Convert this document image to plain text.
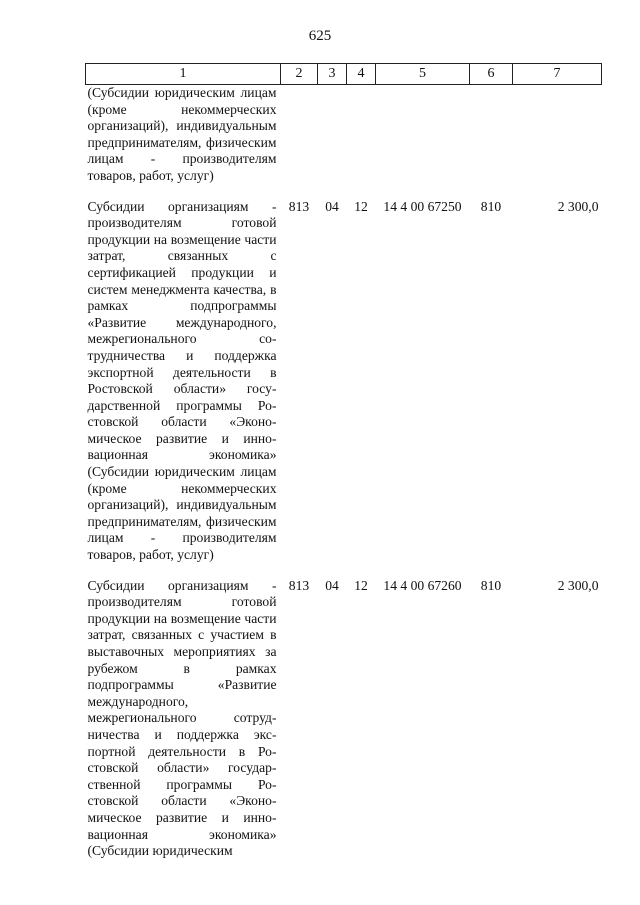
625
1	2	3	4	5	6	7
(Субсидии юридическим лицам (кроме некоммерческих организаций), индивидуальным предпринимателям, физическим лицам - производителям товаров, работ, услуг)						
Субсидии организациям - производителям готовой продукции на возмещение части затрат, связанных с сертификацией продукции и систем менеджмента качества, в рамках подпрограммы «Развитие международного, межрегионального сотрудничества и поддержка экспортной деятельности в Ростовской области» государственной программы Ростовской области «Экономическое развитие и инновационная экономика» (Субсидии юридическим лицам (кроме некоммерческих организаций), индивидуальным предпринимателям, физическим лицам - производителям товаров, работ, услуг)	813	04	12	14 4 00 67250	810	2 300,0
Субсидии организациям - производителям готовой продукции на возмещение части затрат, связанных с участием в выставочных мероприятиях за рубежом в рамках подпрограммы «Развитие международного, межрегионального сотрудничества и поддержка экспортной деятельности в Ростовской области» государственной программы Ростовской области «Экономическое развитие и инновационная экономика» (Субсидии юридическим	813	04	12	14 4 00 67260	810	2 300,0
